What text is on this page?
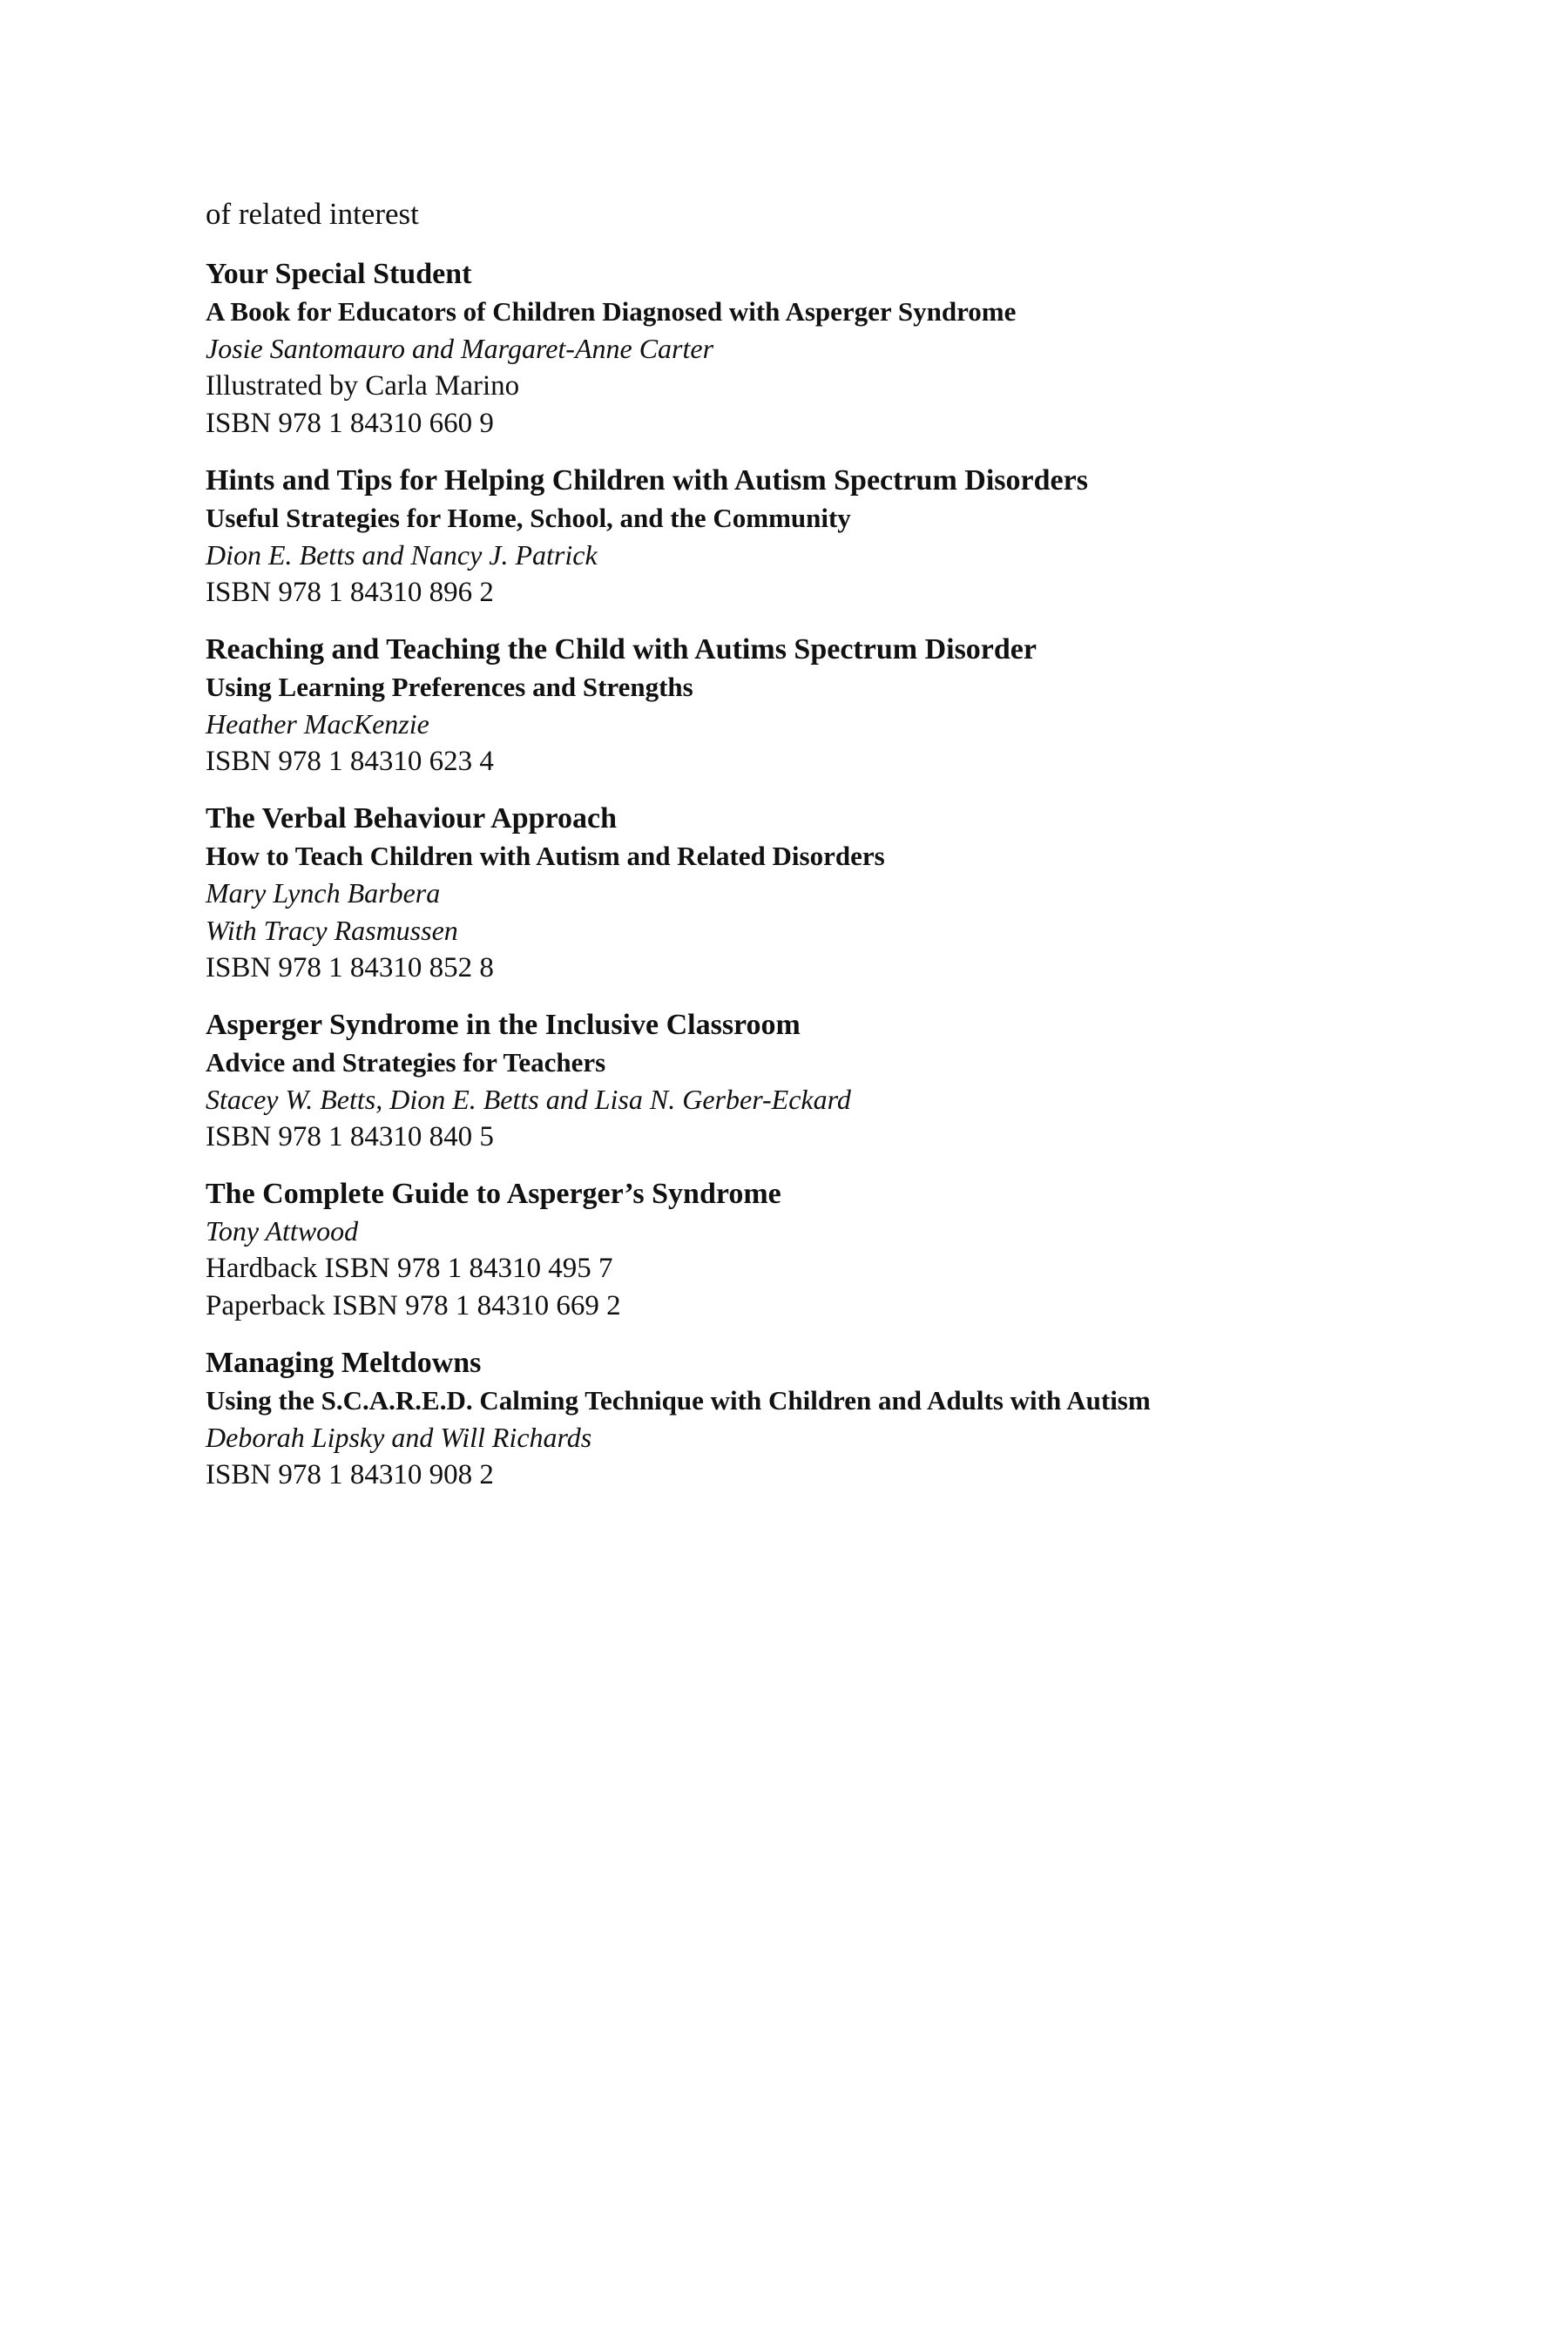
of related interest
Your Special Student
A Book for Educators of Children Diagnosed with Asperger Syndrome
Josie Santomauro and Margaret-Anne Carter
Illustrated by Carla Marino
ISBN 978 1 84310 660 9
Hints and Tips for Helping Children with Autism Spectrum Disorders
Useful Strategies for Home, School, and the Community
Dion E. Betts and Nancy J. Patrick
ISBN 978 1 84310 896 2
Reaching and Teaching the Child with Autims Spectrum Disorder
Using Learning Preferences and Strengths
Heather MacKenzie
ISBN 978 1 84310 623 4
The Verbal Behaviour Approach
How to Teach Children with Autism and Related Disorders
Mary Lynch Barbera
With Tracy Rasmussen
ISBN 978 1 84310 852 8
Asperger Syndrome in the Inclusive Classroom
Advice and Strategies for Teachers
Stacey W. Betts, Dion E. Betts and Lisa N. Gerber-Eckard
ISBN 978 1 84310 840 5
The Complete Guide to Asperger’s Syndrome
Tony Attwood
Hardback ISBN 978 1 84310 495 7
Paperback ISBN 978 1 84310 669 2
Managing Meltdowns
Using the S.C.A.R.E.D. Calming Technique with Children and Adults with Autism
Deborah Lipsky and Will Richards
ISBN 978 1 84310 908 2
